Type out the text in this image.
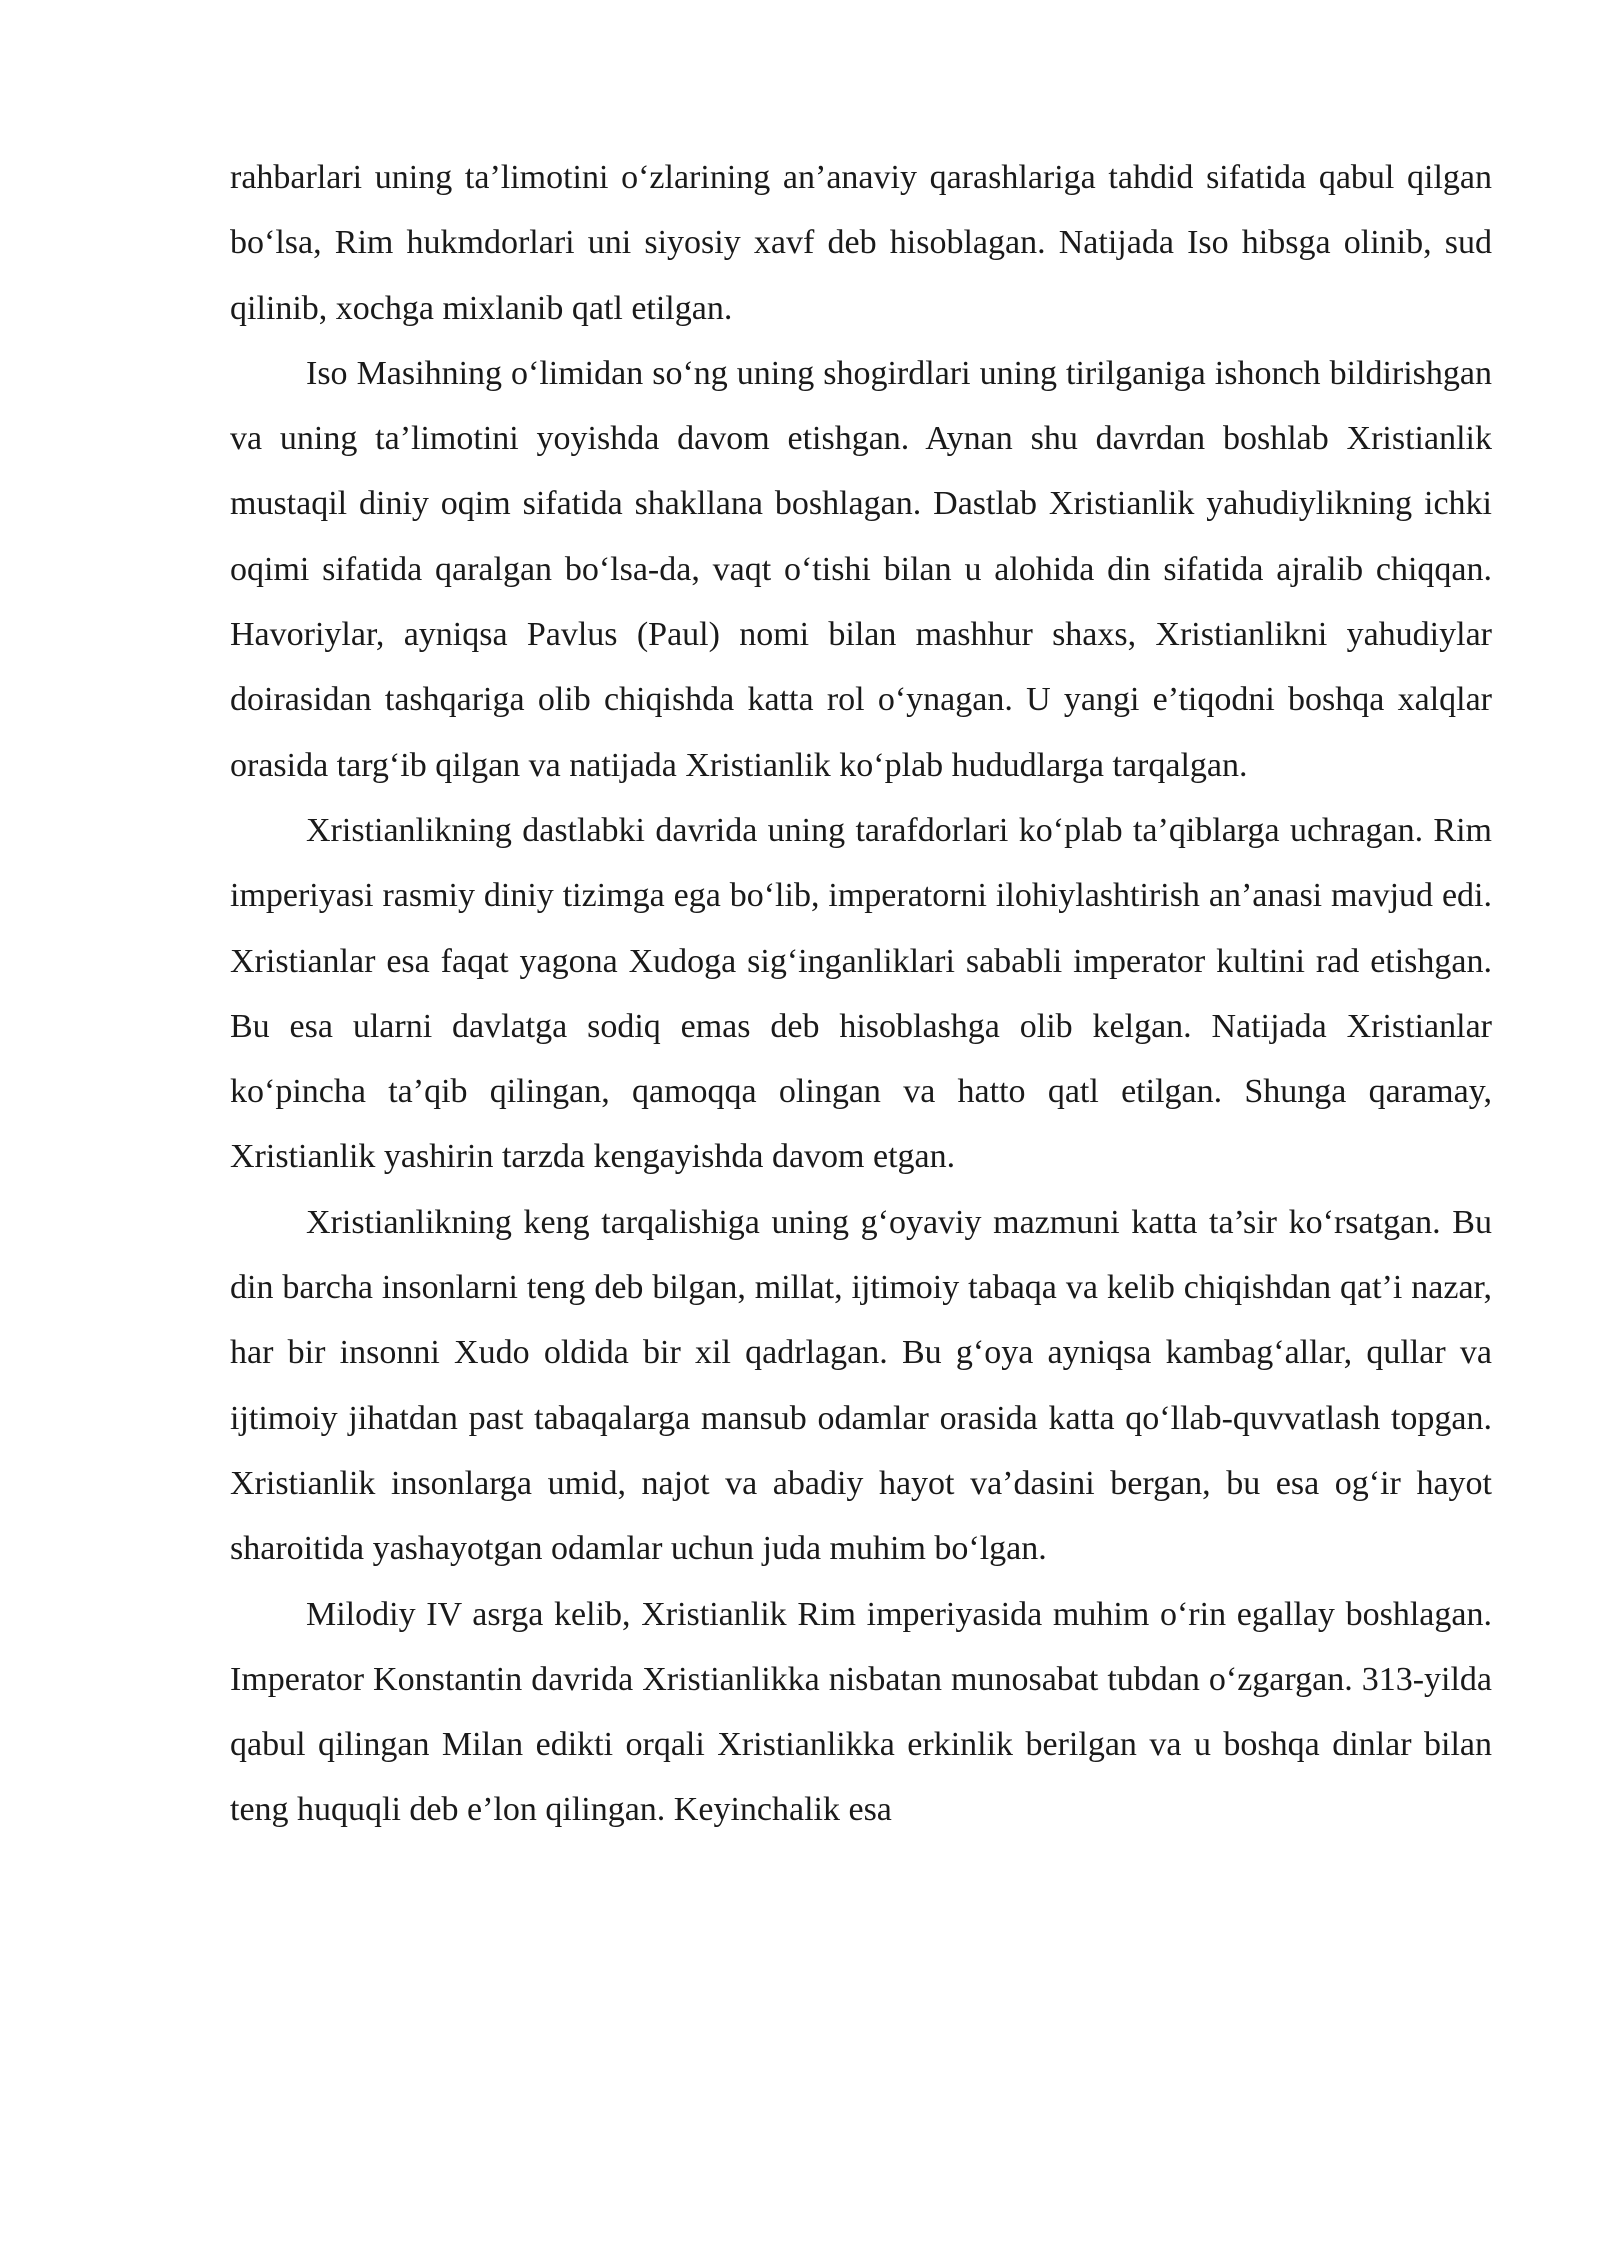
rahbarlari uning ta’limotini o‘zlarining an’anaviy qarashlariga tahdid sifatida qabul qilgan bo‘lsa, Rim hukmdorlari uni siyosiy xavf deb hisoblagan. Natijada Iso hibsga olinib, sud qilinib, xochga mixlanib qatl etilgan.

Iso Masihning o‘limidan so‘ng uning shogirdlari uning tirilganiga ishonch bildirishgan va uning ta’limotini yoyishda davom etishgan. Aynan shu davrdan boshlab Xristianlik mustaqil diniy oqim sifatida shakllana boshlagan. Dastlab Xristianlik yahudiylikning ichki oqimi sifatida qaralgan bo‘lsa-da, vaqt o‘tishi bilan u alohida din sifatida ajralib chiqqan. Havoriylar, ayniqsa Pavlus (Paul) nomi bilan mashhur shaxs, Xristianlikni yahudiylar doirasidan tashqariga olib chiqishda katta rol o‘ynagan. U yangi e’tiqodni boshqa xalqlar orasida targ‘ib qilgan va natijada Xristianlik ko‘plab hududlarga tarqalgan.

Xristianlikning dastlabki davrida uning tarafdorlari ko‘plab ta’qiblarga uchragan. Rim imperiyasi rasmiy diniy tizimga ega bo‘lib, imperatorni ilohiylashtirish an’anasi mavjud edi. Xristianlar esa faqat yagona Xudoga sig‘inganliklari sababli imperator kultini rad etishgan. Bu esa ularni davlatga sodiq emas deb hisoblashga olib kelgan. Natijada Xristianlar ko‘pincha ta’qib qilingan, qamoqqa olingan va hatto qatl etilgan. Shunga qaramay, Xristianlik yashirin tarzda kengayishda davom etgan.

Xristianlikning keng tarqalishiga uning g‘oyaviy mazmuni katta ta’sir ko‘rsatgan. Bu din barcha insonlarni teng deb bilgan, millat, ijtimoiy tabaqa va kelib chiqishdan qat’i nazar, har bir insonni Xudo oldida bir xil qadrlagan. Bu g‘oya ayniqsa kambag‘allar, qullar va ijtimoiy jihatdan past tabaqalarga mansub odamlar orasida katta qo‘llab-quvvatlash topgan. Xristianlik insonlarga umid, najot va abadiy hayot va’dasini bergan, bu esa og‘ir hayot sharoitida yashayotgan odamlar uchun juda muhim bo‘lgan.

Milodiy IV asrga kelib, Xristianlik Rim imperiyasida muhim o‘rin egallay boshlagan. Imperator Konstantin davrida Xristianlikka nisbatan munosabat tubdan o‘zgargan. 313-yilda qabul qilingan Milan edikti orqali Xristianlikka erkinlik berilgan va u boshqa dinlar bilan teng huquqli deb e’lon qilingan. Keyinchalik esa
